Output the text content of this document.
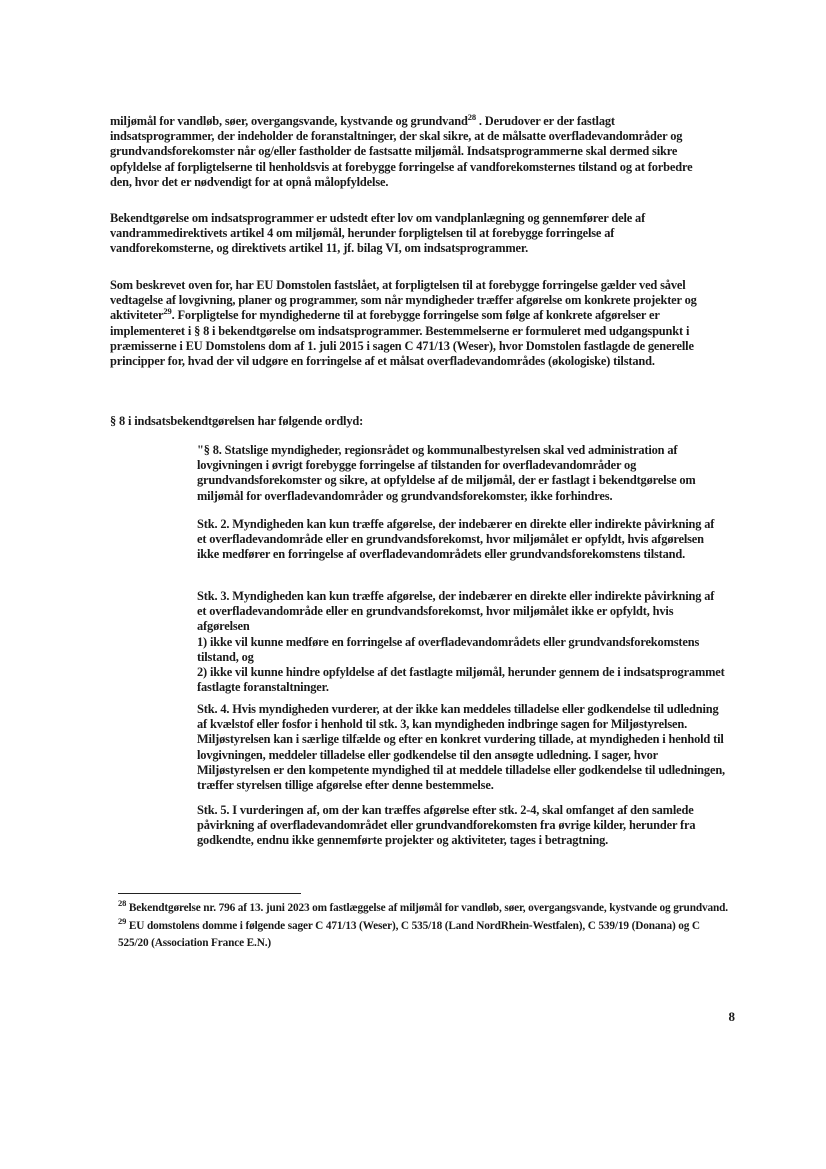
miljømål for vandløb, søer, overgangsvande, kystvande og grundvand$^{28}$ . Derudover er der fastlagt indsatsprogrammer, der indeholder de foranstaltninger, der skal sikre, at de målsatte overfladevandområder og grundvandsforekomster når og/eller fastholder de fastsatte miljømål. Indsatsprogrammerne skal dermed sikre opfyldelse af forpligtelserne til henholdsvis at forebygge forringelse af vandforekomsternes tilstand og at forbedre den, hvor det er nødvendigt for at opnå målopfyldelse.

Bekendtgørelse om indsatsprogrammer er udstedt efter lov om vandplanlægning og gennemfører dele af vandrammedirektivets artikel 4 om miljømål, herunder forpligtelsen til at forebygge forringelse af vandforekomsterne, og direktivets artikel 11, jf. bilag VI, om indsatsprogrammer.

Som beskrevet oven for, har EU Domstolen fastslået, at forpligtelsen til at forebygge forringelse gælder ved såvel vedtagelse af lovgivning, planer og programmer, som når myndigheder træffer afgørelse om konkrete projekter og aktiviteter$^{29}$. Forpligtelse for myndighederne til at forebygge forringelse som følge af konkrete afgørelser er implementeret i § 8 i bekendtgørelse om indsatsprogrammer. Bestemmelserne er formuleret med udgangspunkt i præmisserne i EU Domstolens dom af 1. juli 2015 i sagen C 471/13 (Weser), hvor Domstolen fastlagde de generelle principper for, hvad der vil udgøre en forringelse af et målsat overfladevandområdes (økologiske) tilstand.

§ 8 i indsatsbekendtgørelsen har følgende ordlyd:

"§ 8. Statslige myndigheder, regionsrådet og kommunalbestyrelsen skal ved administration af lovgivningen i øvrigt forebygge forringelse af tilstanden for overfladevandområder og grundvandsforekomster og sikre, at opfyldelse af de miljømål, der er fastlagt i bekendtgørelse om miljømål for overfladevandområder og grundvandsforekomster, ikke forhindres.

Stk. 2. Myndigheden kan kun træffe afgørelse, der indebærer en direkte eller indirekte påvirkning af et overfladevandområde eller en grundvandsforekomst, hvor miljømålet er opfyldt, hvis afgørelsen ikke medfører en forringelse af overfladevandområdets eller grundvandsforekomstens tilstand.

Stk. 3. Myndigheden kan kun træffe afgørelse, der indebærer en direkte eller indirekte påvirkning af et overfladevandområde eller en grundvandsforekomst, hvor miljømålet ikke er opfyldt, hvis afgørelsen

1) ikke vil kunne medføre en forringelse af overfladevandområdets eller grundvandsforekomstens tilstand, og

2) ikke vil kunne hindre opfyldelse af det fastlagte miljømål, herunder gennem de i indsatsprogrammet fastlagte foranstaltninger.

Stk. 4. Hvis myndigheden vurderer, at der ikke kan meddeles tilladelse eller godkendelse til udledning af kvælstof eller fosfor i henhold til stk. 3, kan myndigheden indbringe sagen for Miljøstyrelsen. Miljøstyrelsen kan i særlige tilfælde og efter en konkret vurdering tillade, at myndigheden i henhold til lovgivningen, meddeler tilladelse eller godkendelse til den ansøgte udledning. I sager, hvor Miljøstyrelsen er den kompetente myndighed til at meddele tilladelse eller godkendelse til udledningen, træffer styrelsen tillige afgørelse efter denne bestemmelse.

Stk. 5. I vurderingen af, om der kan træffes afgørelse efter stk. 2-4, skal omfanget af den samlede påvirkning af overfladevandområdet eller grundvandforekomsten fra øvrige kilder, herunder fra godkendte, endnu ikke gennemførte projekter og aktiviteter, tages i betragtning.

$^{28}$ Bekendtgørelse nr. 796 af 13. juni 2023 om fastlæggelse af miljømål for vandløb, søer, overgangsvande, kystvande og grundvand.

$^{29}$ EU domstolens domme i følgende sager C 471/13 (Weser), C 535/18 (Land NordRhein-Westfalen), C 539/19 (Donana) og C 525/20 (Association France E.N.)

8
